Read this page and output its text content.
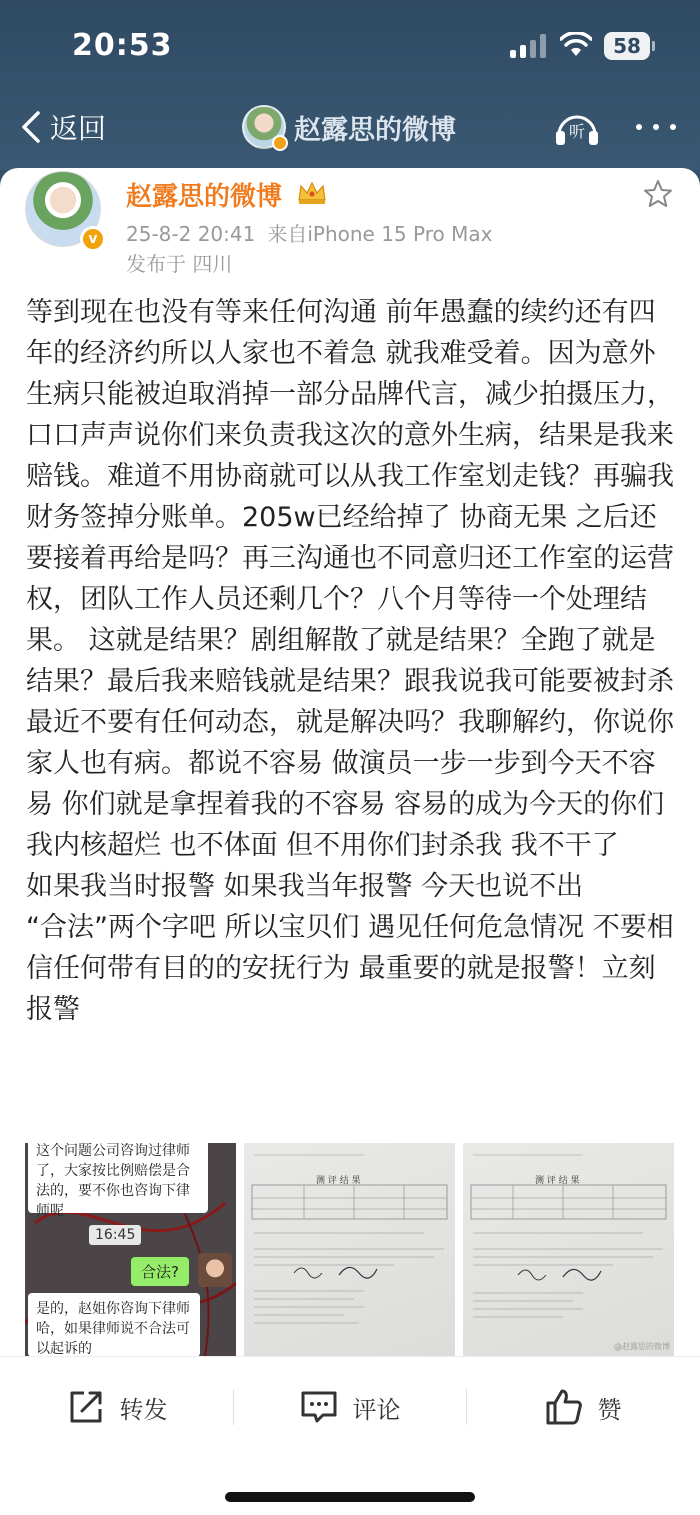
20:53	58
返回	赵露思的微博	听
v
赵露思的微博
25-8-2 20:41 来自iPhone 15 Pro Max
发布于 四川

等到现在也没有等来任何沟通 前年愚蠢的续约还有四年的经济约所以人家也不着急 就我难受着。因为意外生病只能被迫取消掉一部分品牌代言，减少拍摄压力，口口声声说你们来负责我这次的意外生病，结果是我来赔钱。难道不用协商就可以从我工作室划走钱？再骗我财务签掉分账单。205w已经给掉了 协商无果 之后还要接着再给是吗？再三沟通也不同意归还工作室的运营权，团队工作人员还剩几个？八个月等待一个处理结果。 这就是结果？剧组解散了就是结果？全跑了就是结果？最后我来赔钱就是结果？跟我说我可能要被封杀最近不要有任何动态，就是解决吗？我聊解约，你说你家人也有病。都说不容易 做演员一步一步到今天不容易 你们就是拿捏着我的不容易 容易的成为今天的你们

我内核超烂 也不体面 但不用你们封杀我 我不干了

如果我当时报警 如果我当年报警 今天也说不出

“合法”两个字吧 所以宝贝们 遇见任何危急情况 不要相信任何带有目的的安抚行为 最重要的就是报警！立刻报警

这个问题公司咨询过律师了，大家按比例赔偿是合法的，要不你也咨询下律师呢
16:45
合法?
是的，赵姐你咨询下律师哈，如果律师说不合法可以起诉的
测 评 结 果	测 评 结 果
@赵露思的微博
转发	评论	赞
